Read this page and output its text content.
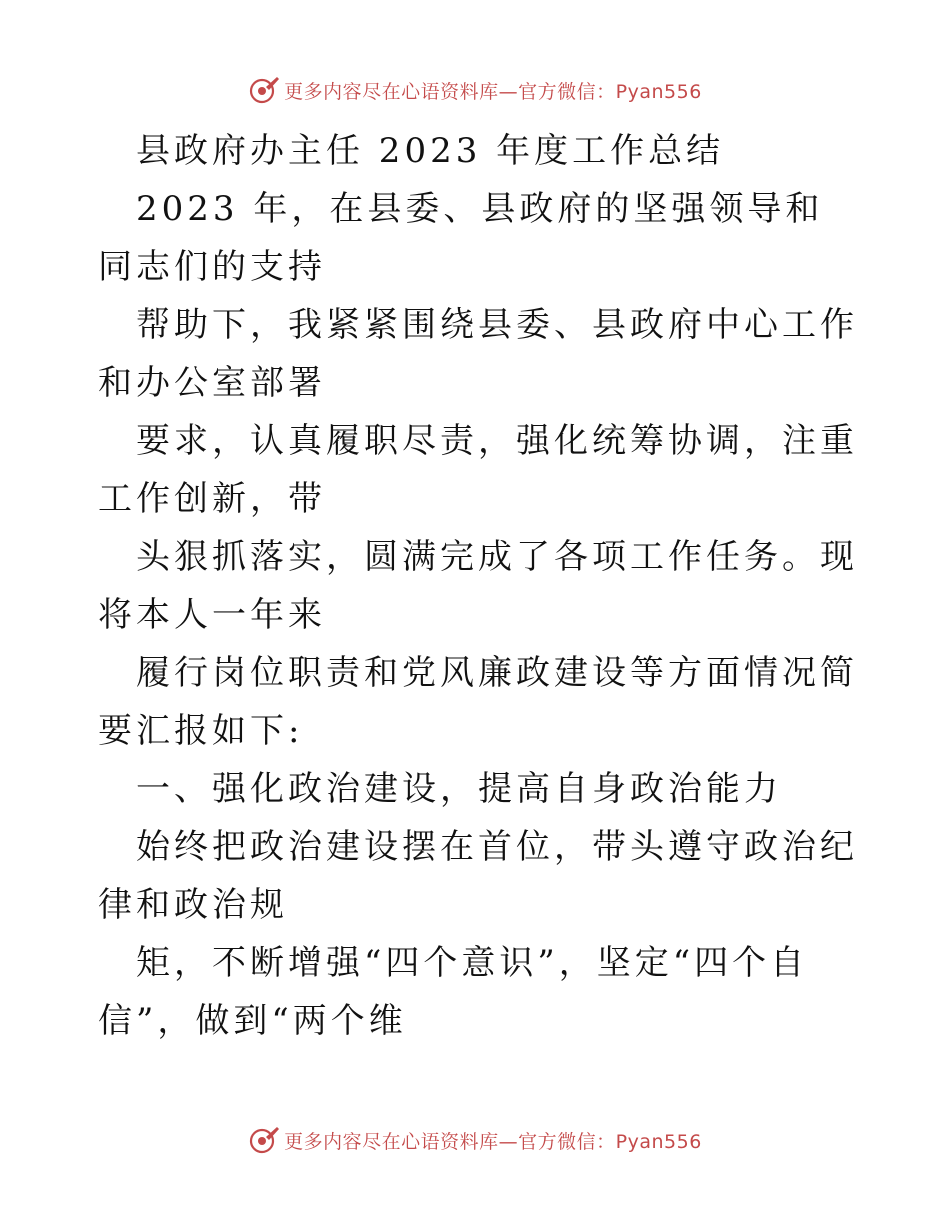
更多内容尽在心语资料库—官方微信：Pyan556

县政府办主任 2023 年度工作总结

2023 年，在县委、县政府的坚强领导和同志们的支持

帮助下，我紧紧围绕县委、县政府中心工作和办公室部署

要求，认真履职尽责，强化统筹协调，注重工作创新，带

头狠抓落实，圆满完成了各项工作任务。现将本人一年来

履行岗位职责和党风廉政建设等方面情况简要汇报如下:

一、强化政治建设，提高自身政治能力

始终把政治建设摆在首位，带头遵守政治纪律和政治规

矩，不断增强“四个意识”，坚定“四个自信”，做到“两个维

更多内容尽在心语资料库—官方微信：Pyan556
